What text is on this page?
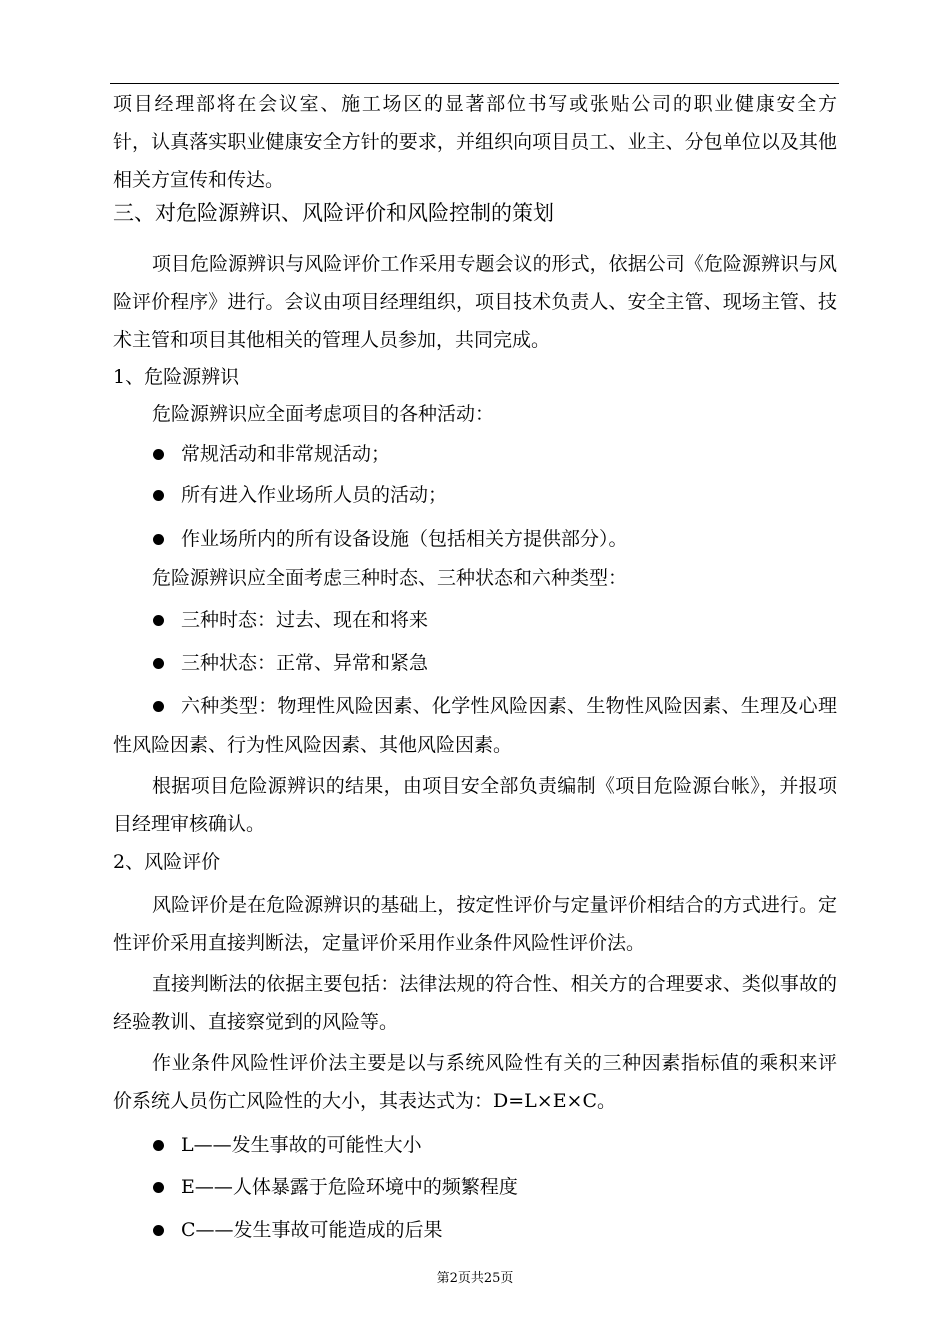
项目经理部将在会议室、施工场区的显著部位书写或张贴公司的职业健康安全方
针，认真落实职业健康安全方针的要求，并组织向项目员工、业主、分包单位以及其他
相关方宣传和传达。
三、对危险源辨识、风险评价和风险控制的策划
项目危险源辨识与风险评价工作采用专题会议的形式，依据公司《危险源辨识与风
险评价程序》进行。会议由项目经理组织，项目技术负责人、安全主管、现场主管、技
术主管和项目其他相关的管理人员参加，共同完成。
1、危险源辨识
危险源辨识应全面考虑项目的各种活动：
常规活动和非常规活动；
所有进入作业场所人员的活动；
作业场所内的所有设备设施（包括相关方提供部分）。
危险源辨识应全面考虑三种时态、三种状态和六种类型：
三种时态：过去、现在和将来
三种状态：正常、异常和紧急
六种类型：物理性风险因素、化学性风险因素、生物性风险因素、生理及心理
性风险因素、行为性风险因素、其他风险因素。
根据项目危险源辨识的结果，由项目安全部负责编制《项目危险源台帐》，并报项
目经理审核确认。
2、风险评价
风险评价是在危险源辨识的基础上，按定性评价与定量评价相结合的方式进行。定
性评价采用直接判断法，定量评价采用作业条件风险性评价法。
直接判断法的依据主要包括：法律法规的符合性、相关方的合理要求、类似事故的
经验教训、直接察觉到的风险等。
作业条件风险性评价法主要是以与系统风险性有关的三种因素指标值的乘积来评
价系统人员伤亡风险性的大小，其表达式为：D=L×E×C。
L——发生事故的可能性大小
E——人体暴露于危险环境中的频繁程度
C——发生事故可能造成的后果
第2页共25页
